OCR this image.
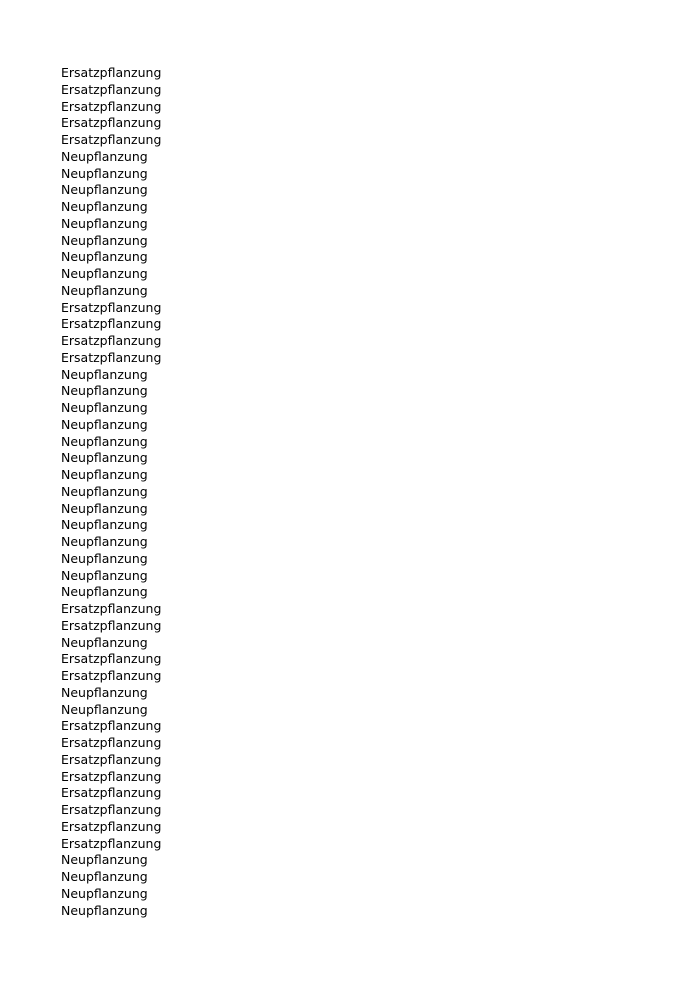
Ersatzpflanzung
Ersatzpflanzung
Ersatzpflanzung
Ersatzpflanzung
Ersatzpflanzung
Neupflanzung
Neupflanzung
Neupflanzung
Neupflanzung
Neupflanzung
Neupflanzung
Neupflanzung
Neupflanzung
Neupflanzung
Ersatzpflanzung
Ersatzpflanzung
Ersatzpflanzung
Ersatzpflanzung
Neupflanzung
Neupflanzung
Neupflanzung
Neupflanzung
Neupflanzung
Neupflanzung
Neupflanzung
Neupflanzung
Neupflanzung
Neupflanzung
Neupflanzung
Neupflanzung
Neupflanzung
Neupflanzung
Ersatzpflanzung
Ersatzpflanzung
Neupflanzung
Ersatzpflanzung
Ersatzpflanzung
Neupflanzung
Neupflanzung
Ersatzpflanzung
Ersatzpflanzung
Ersatzpflanzung
Ersatzpflanzung
Ersatzpflanzung
Ersatzpflanzung
Ersatzpflanzung
Ersatzpflanzung
Neupflanzung
Neupflanzung
Neupflanzung
Neupflanzung
